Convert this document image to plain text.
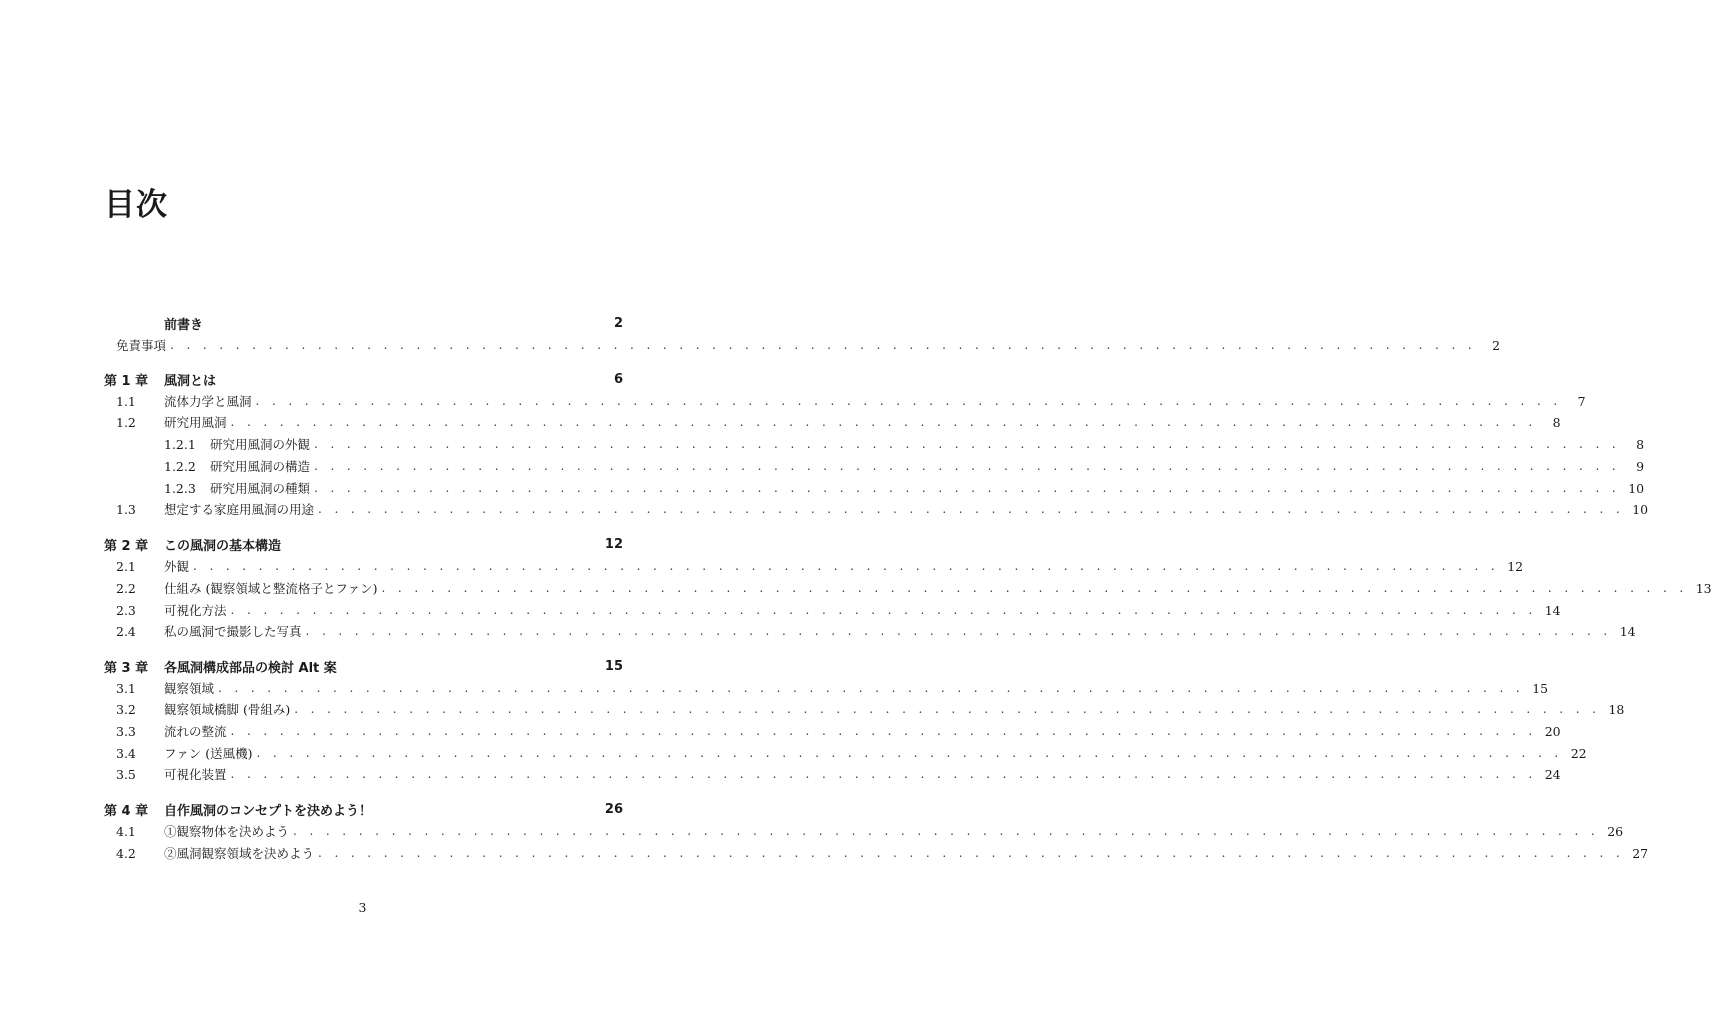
目次
前書き	2
免責事項 . . . . . . . . . . . . . . . . . . . . . . . . . . . . . . . . . . . . . . . . . . . . . . . . . . . . . . . . . . . . . . . . . . . . . . . . . . . . . . . .	2
第 1 章	風洞とは	6
1.1	流体力学と風洞 . . . . . . . . . . . . . . . . . . . . . . . . . . . . . . . . . . . . . . . . . . . . . . . . . . . . . . . . . . . . . . . . . . . . . . . . . . . . . . . .	7
1.2	研究用風洞 . . . . . . . . . . . . . . . . . . . . . . . . . . . . . . . . . . . . . . . . . . . . . . . . . . . . . . . . . . . . . . . . . . . . . . . . . . . . . . . .	8
1.2.1	研究用風洞の外観 . . . . . . . . . . . . . . . . . . . . . . . . . . . . . . . . . . . . . . . . . . . . . . . . . . . . . . . . . . . . . . . . . . . . . . . . . . . . . . . .	8
1.2.2	研究用風洞の構造 . . . . . . . . . . . . . . . . . . . . . . . . . . . . . . . . . . . . . . . . . . . . . . . . . . . . . . . . . . . . . . . . . . . . . . . . . . . . . . . .	9
1.2.3	研究用風洞の種類 . . . . . . . . . . . . . . . . . . . . . . . . . . . . . . . . . . . . . . . . . . . . . . . . . . . . . . . . . . . . . . . . . . . . . . . . . . . . . . . . 10
1.3	想定する家庭用風洞の用途 . . . . . . . . . . . . . . . . . . . . . . . . . . . . . . . . . . . . . . . . . . . . . . . . . . . . . . . . . . . . . . . . . . . . . . . . . . . . . . . . 10
第 2 章	この風洞の基本構造	12
2.1	外観 . . . . . . . . . . . . . . . . . . . . . . . . . . . . . . . . . . . . . . . . . . . . . . . . . . . . . . . . . . . . . . . . . . . . . . . . . . . . . . . . 12
2.2	仕組み (観察領域と整流格子とファン) . . . . . . . . . . . . . . . . . . . . . . . . . . . . . . . . . . . . . . . . . . . . . . . . . . . . . . . . . . . . . . . . . . . . . . . . . . . . . . . . 13
2.3	可視化方法 . . . . . . . . . . . . . . . . . . . . . . . . . . . . . . . . . . . . . . . . . . . . . . . . . . . . . . . . . . . . . . . . . . . . . . . . . . . . . . . . 14
2.4	私の風洞で撮影した写真 . . . . . . . . . . . . . . . . . . . . . . . . . . . . . . . . . . . . . . . . . . . . . . . . . . . . . . . . . . . . . . . . . . . . . . . . . . . . . . . . 14
第 3 章	各風洞構成部品の検討 Alt 案	15
3.1	観察領域 . . . . . . . . . . . . . . . . . . . . . . . . . . . . . . . . . . . . . . . . . . . . . . . . . . . . . . . . . . . . . . . . . . . . . . . . . . . . . . . . 15
3.2	観察領域橋脚 (骨組み) . . . . . . . . . . . . . . . . . . . . . . . . . . . . . . . . . . . . . . . . . . . . . . . . . . . . . . . . . . . . . . . . . . . . . . . . . . . . . . . . 18
3.3	流れの整流 . . . . . . . . . . . . . . . . . . . . . . . . . . . . . . . . . . . . . . . . . . . . . . . . . . . . . . . . . . . . . . . . . . . . . . . . . . . . . . . . 20
3.4	ファン (送風機) . . . . . . . . . . . . . . . . . . . . . . . . . . . . . . . . . . . . . . . . . . . . . . . . . . . . . . . . . . . . . . . . . . . . . . . . . . . . . . . . 22
3.5	可視化装置 . . . . . . . . . . . . . . . . . . . . . . . . . . . . . . . . . . . . . . . . . . . . . . . . . . . . . . . . . . . . . . . . . . . . . . . . . . . . . . . . 24
第 4 章	自作風洞のコンセプトを決めよう！	26
4.1	①観察物体を決めよう . . . . . . . . . . . . . . . . . . . . . . . . . . . . . . . . . . . . . . . . . . . . . . . . . . . . . . . . . . . . . . . . . . . . . . . . . . . . . . . . 26
4.2	②風洞観察領域を決めよう . . . . . . . . . . . . . . . . . . . . . . . . . . . . . . . . . . . . . . . . . . . . . . . . . . . . . . . . . . . . . . . . . . . . . . . . . . . . . . . . 27
3
